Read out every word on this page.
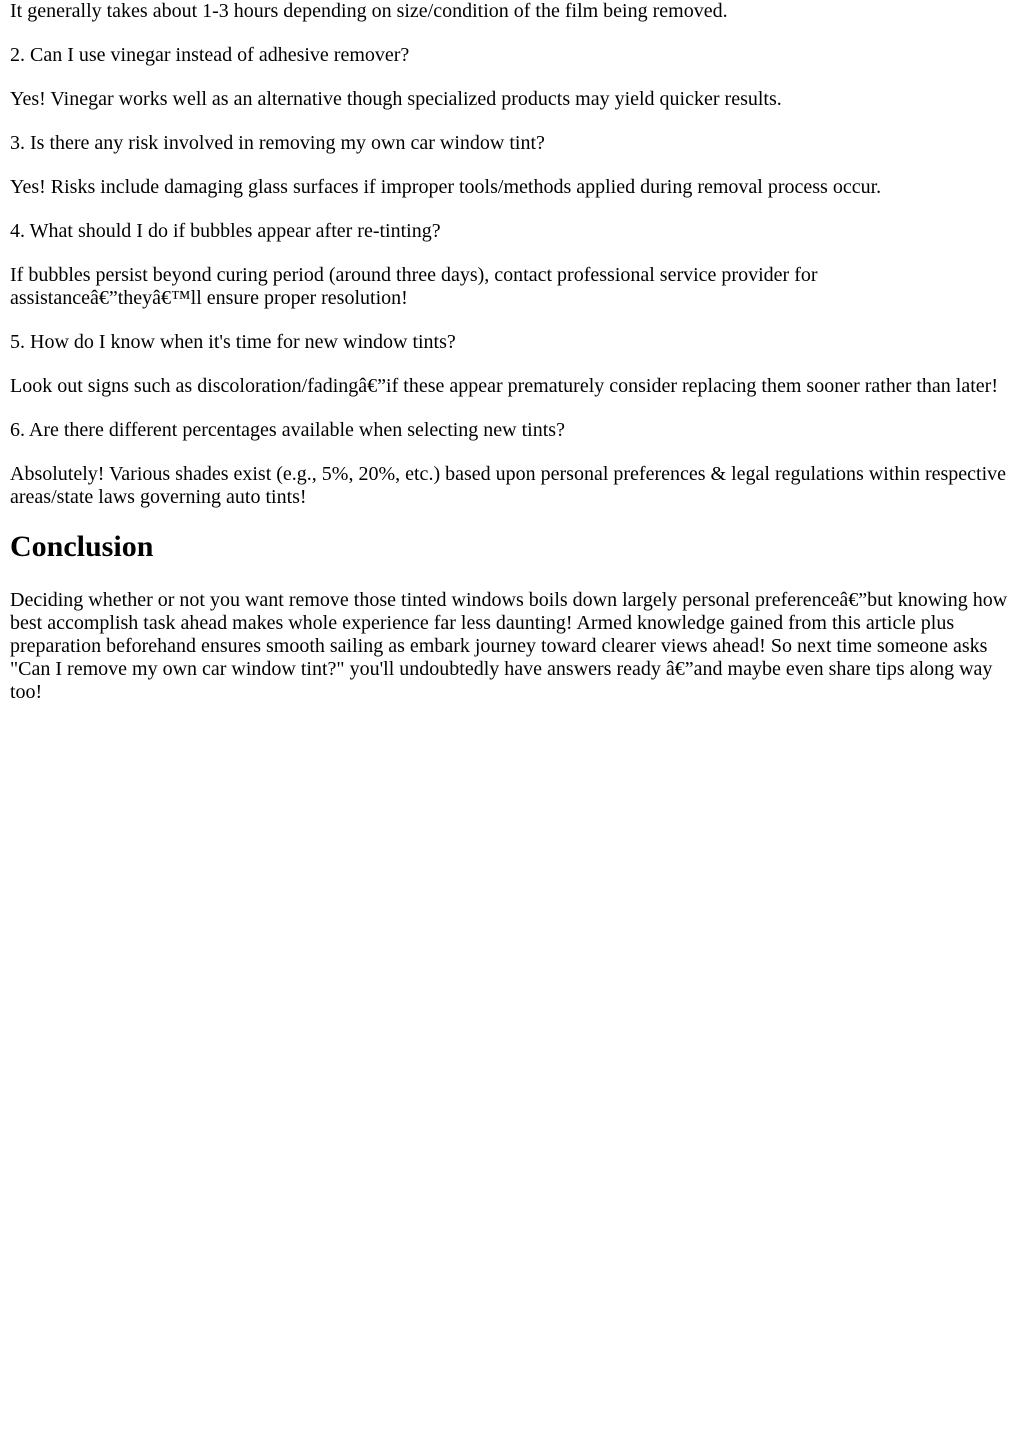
It generally takes about 1-3 hours depending on size/condition of the film being removed.

2. Can I use vinegar instead of adhesive remover?

Yes! Vinegar works well as an alternative though specialized products may yield quicker results.

3. Is there any risk involved in removing my own car window tint?

Yes! Risks include damaging glass surfaces if improper tools/methods applied during removal process occur.

4. What should I do if bubbles appear after re-tinting?

If bubbles persist beyond curing period (around three days), contact professional service provider for assistanceâ€”theyâ€™ll ensure proper resolution!

5. How do I know when it's time for new window tints?

Look out signs such as discoloration/fadingâ€”if these appear prematurely consider replacing them sooner rather than later!

6. Are there different percentages available when selecting new tints?

Absolutely! Various shades exist (e.g., 5%, 20%, etc.) based upon personal preferences & legal regulations within respective areas/state laws governing auto tints!

Conclusion

Deciding whether or not you want remove those tinted windows boils down largely personal preferenceâ€”but knowing how best accomplish task ahead makes whole experience far less daunting! Armed knowledge gained from this article plus preparation beforehand ensures smooth sailing as embark journey toward clearer views ahead! So next time someone asks "Can I remove my own car window tint?" you'll undoubtedly have answers ready â€”and maybe even share tips along way too!
